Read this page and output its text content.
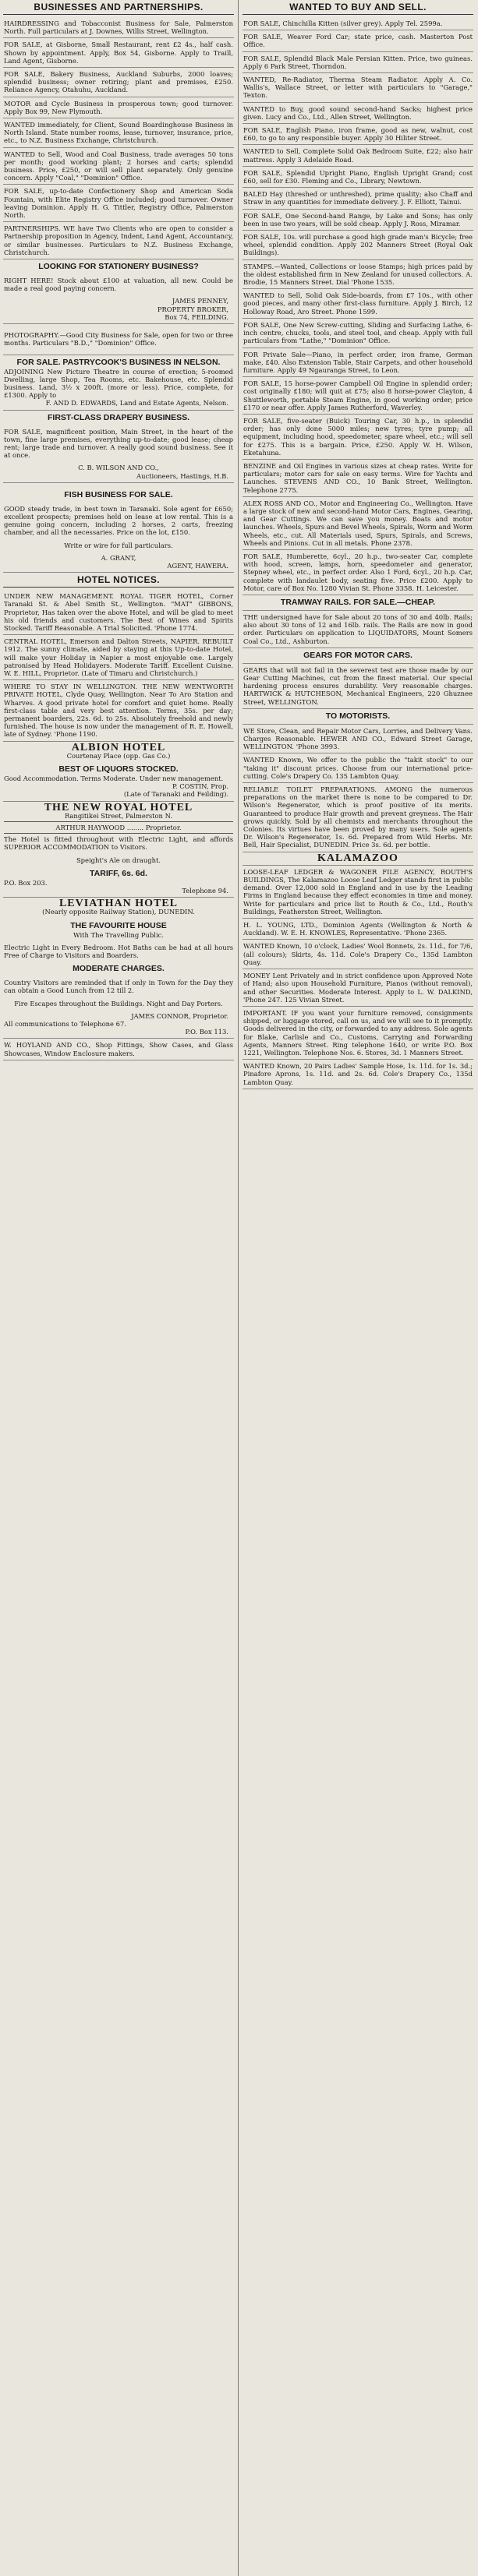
BUSINESSES AND PARTNERSHIPS.
HAIRDRESSING and Tobacconist Business for Sale, Palmerston North. Full particulars at J. Downes, Willis Street, Wellington.
FOR SALE, at Gisborne, Small Restaurant, rent £2 4s., half cash. Shown by appointment. Apply, Box 54, Gisborne. Apply to Traill, Land Agent, Gisborne.
FOR SALE, Bakery Business, Auckland Suburbs, 2000 loaves; splendid business; owner retiring; plant and premises, £250. Reliance Agency, Otahuhu, Auckland.
MOTOR and Cycle Business in prosperous town; good turnover. Apply Box 99, New Plymouth.
WANTED immediately, for Client, Sound Boardinghouse Business in North Island. State number rooms, lease, turnover, insurance, price, etc., to N.Z. Business Exchange, Christchurch.
WANTED to Sell, Wood and Coal Business, trade averages 50 tons per month; good working plant; 2 horses and carts; splendid business. Price, £250, or will sell plant separately. Only genuine concern. Apply "Coal," "Dominion" Office.
FOR SALE, up-to-date Confectionery Shop and American Soda Fountain, with Elite Registry Office included; good turnover. Owner leaving Dominion. Apply H. G. Tittler, Registry Office, Palmerston North.
PARTNERSHIPS. WE have Two Clients who are open to consider a Partnership proposition in Agency, Indent, Land Agent, Accountancy, or similar businesses. Particulars to N.Z. Business Exchange, Christchurch.
LOOKING FOR STATIONERY BUSINESS?
RIGHT HERE! Stock about £100 at valuation, all new. Could be made a real good paying concern.
JAMES PENNEY,
PROPERTY BROKER,
Box 74, FEILDING.
PHOTOGRAPHY.—Good City Business for Sale, open for two or three months. Particulars "B.D.," "Dominion" Office.
FOR SALE. PASTRYCOOK'S BUSINESS IN NELSON.
ADJOINING New Picture Theatre in course of erection; 5-roomed Dwelling, large Shop, Tea Rooms, etc. Bakehouse, etc. Splendid business. Land, 3½ x 200ft. (more or less). Price, complete, for £1300. Apply to
F. AND D. EDWARDS, Land and Estate Agents, Nelson.
FIRST-CLASS DRAPERY BUSINESS.
FOR SALE, magnificent position, Main Street, in the heart of the town, fine large premises, everything up-to-date; good lease; cheap rent; large trade and turnover. A really good sound business. See it at once.
C. B. WILSON AND CO.,
Auctioneers, Hastings, H.B.
FISH BUSINESS FOR SALE.
GOOD steady trade, in best town in Taranaki. Sole agent for £650; excellent prospects; premises held on lease at low rental. This is a genuine going concern, including 2 horses, 2 carts, freezing chamber, and all the necessaries. Price on the lot, £150.
Write or wire for full particulars.
A. GRANT,
AGENT, HAWERA.
HOTEL NOTICES.
UNDER NEW MANAGEMENT. ROYAL TIGER HOTEL, Corner Taranaki St. & Abel Smith St., Wellington. "MAT" GIBBONS, Proprietor, Has taken over the above Hotel, and will be glad to meet his old friends and customers. The Best of Wines and Spirits Stocked. Tariff Reasonable. A Trial Solicited. 'Phone 1774.
CENTRAL HOTEL, Emerson and Dalton Streets, NAPIER. REBUILT 1912. The sunny climate, aided by staying at this Up-to-date Hotel, will make your Holiday in Napier a most enjoyable one. Largely patronised by Head Holidayers. Moderate Tariff. Excellent Cuisine. W. E. HILL, Proprietor. (Late of Timaru and Christchurch.)
WHERE TO STAY IN WELLINGTON. THE NEW WENTWORTH PRIVATE HOTEL, Clyde Quay, Wellington. Near To Aro Station and Wharves. A good private hotel for comfort and quiet home. Really first-class table and very best attention. Terms, 35s. per day; permanent boarders, 22s. 6d. to 25s. Absolutely freehold and newly furnished. The house is now under the management of R. E. Howell, late of Sydney. 'Phone 1190.
ALBION HOTEL
Courtenay Place (opp. Gas Co.)
BEST OF LIQUORS STOCKED.
Good Accommodation. Terms Moderate. Under new management.
P. COSTIN, Prop.
(Late of Taranaki and Feilding).
THE NEW ROYAL HOTEL
Rangitikei Street, Palmerston N.
ARTHUR HAYWOOD ........ Proprietor.
The Hotel is fitted throughout with Electric Light, and affords SUPERIOR ACCOMMODATION to Visitors.
Speight's Ale on draught.
TARIFF, 6s. 6d.
P.O. Box 203.
Telephone 94.
LEVIATHAN HOTEL
(Nearly opposite Railway Station), DUNEDIN.
THE FAVOURITE HOUSE
With The Travelling Public.
Electric Light in Every Bedroom. Hot Baths can be had at all hours Free of Charge to Visitors and Boarders.
MODERATE CHARGES.
Country Visitors are reminded that if only in Town for the Day they can obtain a Good Lunch from 12 till 2.
Fire Escapes throughout the Buildings. Night and Day Porters.
JAMES CONNOR, Proprietor.
All communications to Telephone 67.
P.O. Box 113.
W. HOYLAND AND CO., Shop Fittings, Show Cases, and Glass Showcases, Window Enclosure makers.
WANTED TO BUY AND SELL.
FOR SALE, Chinchilla Kitten (silver grey). Apply Tel. 2599a.
FOR SALE, Weaver Ford Car; state price, cash. Masterton Post Office.
FOR SALE, Splendid Black Male Persian Kitten. Price, two guineas. Apply 6 Park Street, Thorndon.
WANTED, Re-Radiator, Therma Steam Radiator. Apply A. Co. Wallis's, Wallace Street, or letter with particulars to "Garage," Texton.
WANTED to Buy, good sound second-hand Sacks; highest price given. Lucy and Co., Ltd., Allen Street, Wellington.
FOR SALE, English Piano, iron frame, good as new, walnut, cost £60, to go to any responsible buyer. Apply 30 Hiliter Street.
WANTED to Sell, Complete Solid Oak Bedroom Suite, £22; also hair mattress. Apply 3 Adelaide Road.
FOR SALE, Splendid Upright Piano, English Upright Grand; cost £60, sell for £30. Fleming and Co., Library, Newtown.
BALED Hay (threshed or unthreshed), prime quality; also Chaff and Straw in any quantities for immediate delivery. J. F. Elliott, Tainui.
FOR SALE, One Second-hand Range, by Lake and Sons; has only been in use two years, will be sold cheap. Apply J. Ross, Miramar.
FOR SALE, 10s. will purchase a good high grade man's Bicycle; free wheel, splendid condition. Apply 202 Manners Street (Royal Oak Buildings).
STAMPS.—Wanted, Collections or loose Stamps; high prices paid by the oldest established firm in New Zealand for unused collectors. A. Brodie, 15 Manners Street. Dial 'Phone 1535.
WANTED to Sell, Solid Oak Side-boards, from £7 10s., with other good pieces, and many other first-class furniture. Apply J. Birch, 12 Holloway Road, Aro Street. Phone 1599.
FOR SALE, One New Screw-cutting, Sliding and Surfacing Lathe, 6-inch centre, chucks, tools, and steel tool, and cheap. Apply with full particulars from "Lathe," "Dominion" Office.
FOR Private Sale—Piano, in perfect order, iron frame, German make, £40. Also Extension Table, Stair Carpets, and other household furniture. Apply 49 Ngauranga Street, to Leon.
FOR SALE, 15 horse-power Campbell Oil Engine in splendid order; cost originally £180; will quit at £75; also 8 horse-power Clayton, 4 Shuttleworth, portable Steam Engine, in good working order; price £170 or near offer. Apply James Rutherford, Waverley.
FOR SALE, five-seater (Buick) Touring Car, 30 h.p., in splendid order; has only done 5000 miles; new tyres; tyre pump; all equipment, including hood, speedometer, spare wheel, etc.; will sell for £275. This is a bargain. Price, £250. Apply W. H. Wilson, Eketahuna.
BENZINE and Oil Engines in various sizes at cheap rates. Write for particulars; motor cars for sale on easy terms. Wire for Yachts and Launches. STEVENS AND CO., 10 Bank Street, Wellington. Telephone 2775.
ALEX ROSS AND CO., Motor and Engineering Co., Wellington. Have a large stock of new and second-hand Motor Cars, Engines, Gearing, and Gear Cuttings. We can save you money. Boats and motor launches. Wheels, Spurs and Bevel Wheels, Spirals, Worm and Worm Wheels, etc., cut. All Materials used, Spurs, Spirals, and Screws, Wheels and Pinions. Cut in all metals. Phone 2378.
FOR SALE, Humberette, 6cyl., 20 h.p., two-seater Car, complete with hood, screen, lamps, horn, speedometer and generator, Stepney wheel, etc., in perfect order. Also 1 Ford, 6cyl., 20 h.p. Car, complete with landaulet body, seating five. Price £200. Apply to Motor, care of Box No. 1280 Vivian St. Phone 3358. H. Leicester.
TRAMWAY RAILS. FOR SALE.—CHEAP.
THE undersigned have for Sale about 20 tons of 30 and 40lb. Rails; also about 30 tons of 12 and 16lb. rails. The Rails are now in good order. Particulars on application to LIQUIDATORS, Mount Somers Coal Co., Ltd., Ashburton.
GEARS FOR MOTOR CARS.
GEARS that will not fail in the severest test are those made by our Gear Cutting Machines, cut from the finest material. Our special hardening process ensures durability. Very reasonable charges. HARTWICK & HUTCHESON, Mechanical Engineers, 220 Ghuznee Street, WELLINGTON.
TO MOTORISTS.
WE Store, Clean, and Repair Motor Cars, Lorries, and Delivery Vans. Charges Reasonable. HEWER AND CO., Edward Street Garage, WELLINGTON. 'Phone 3993.
WANTED Known, We offer to the public the "takit stock" to our "taking it" discount prices. Choose from our international price-cutting. Cole's Drapery Co. 135 Lambton Quay.
RELIABLE TOILET PREPARATIONS. AMONG the numerous preparations on the market there is none to be compared to Dr. Wilson's Regenerator, which is proof positive of its merits. Guaranteed to produce Hair growth and prevent greyness. The Hair grows quickly. Sold by all chemists and merchants throughout the Colonies. Its virtues have been proved by many users. Sole agents Dr. Wilson's Regenerator, 1s. 6d. Prepared from Wild Herbs. Mr. Bell, Hair Specialist, DUNEDIN. Price 3s. 6d. per bottle.
KALAMAZOO
LOOSE-LEAF LEDGER & WAGONER FILE AGENCY, ROUTH'S BUILDINGS, The Kalamazoo Loose Leaf Ledger stands first in public demand. Over 12,000 sold in England and in use by the Leading Firms in England because they effect economies in time and money. Write for particulars and price list to Routh & Co., Ltd., Routh's Buildings, Featherston Street, Wellington.
H. L. YOUNG, LTD., Dominion Agents (Wellington & North & Auckland). W. E. H. KNOWLES, Representative. 'Phone 2365.
WANTED Known, 10 o'clock, Ladies' Wool Bonnets, 2s. 11d., for 7/6, (all colours); Skirts, 4s. 11d. Cole's Drapery Co., 135d Lambton Quay.
MONEY Lent Privately and in strict confidence upon Approved Note of Hand; also upon Household Furniture, Pianos (without removal), and other Securities. Moderate Interest. Apply to L. W. DALKIND, 'Phone 247. 125 Vivian Street.
IMPORTANT. IF you want your furniture removed, consignments shipped, or luggage stored, call on us, and we will see to it promptly. Goods delivered in the city, or forwarded to any address. Sole agents for Blake, Carlisle and Co., Customs, Carrying and Forwarding Agents, Manners Street. Ring telephone 1640, or write P.O. Box 1221, Wellington. Telephone Nos. 6. Stores, 3d. 1 Manners Street.
WANTED Known, 20 Pairs Ladies' Sample Hose, 1s. 11d. for 1s. 3d.; Pinafore Aprons, 1s. 11d. and 2s. 6d. Cole's Drapery Co., 135d Lambton Quay.
